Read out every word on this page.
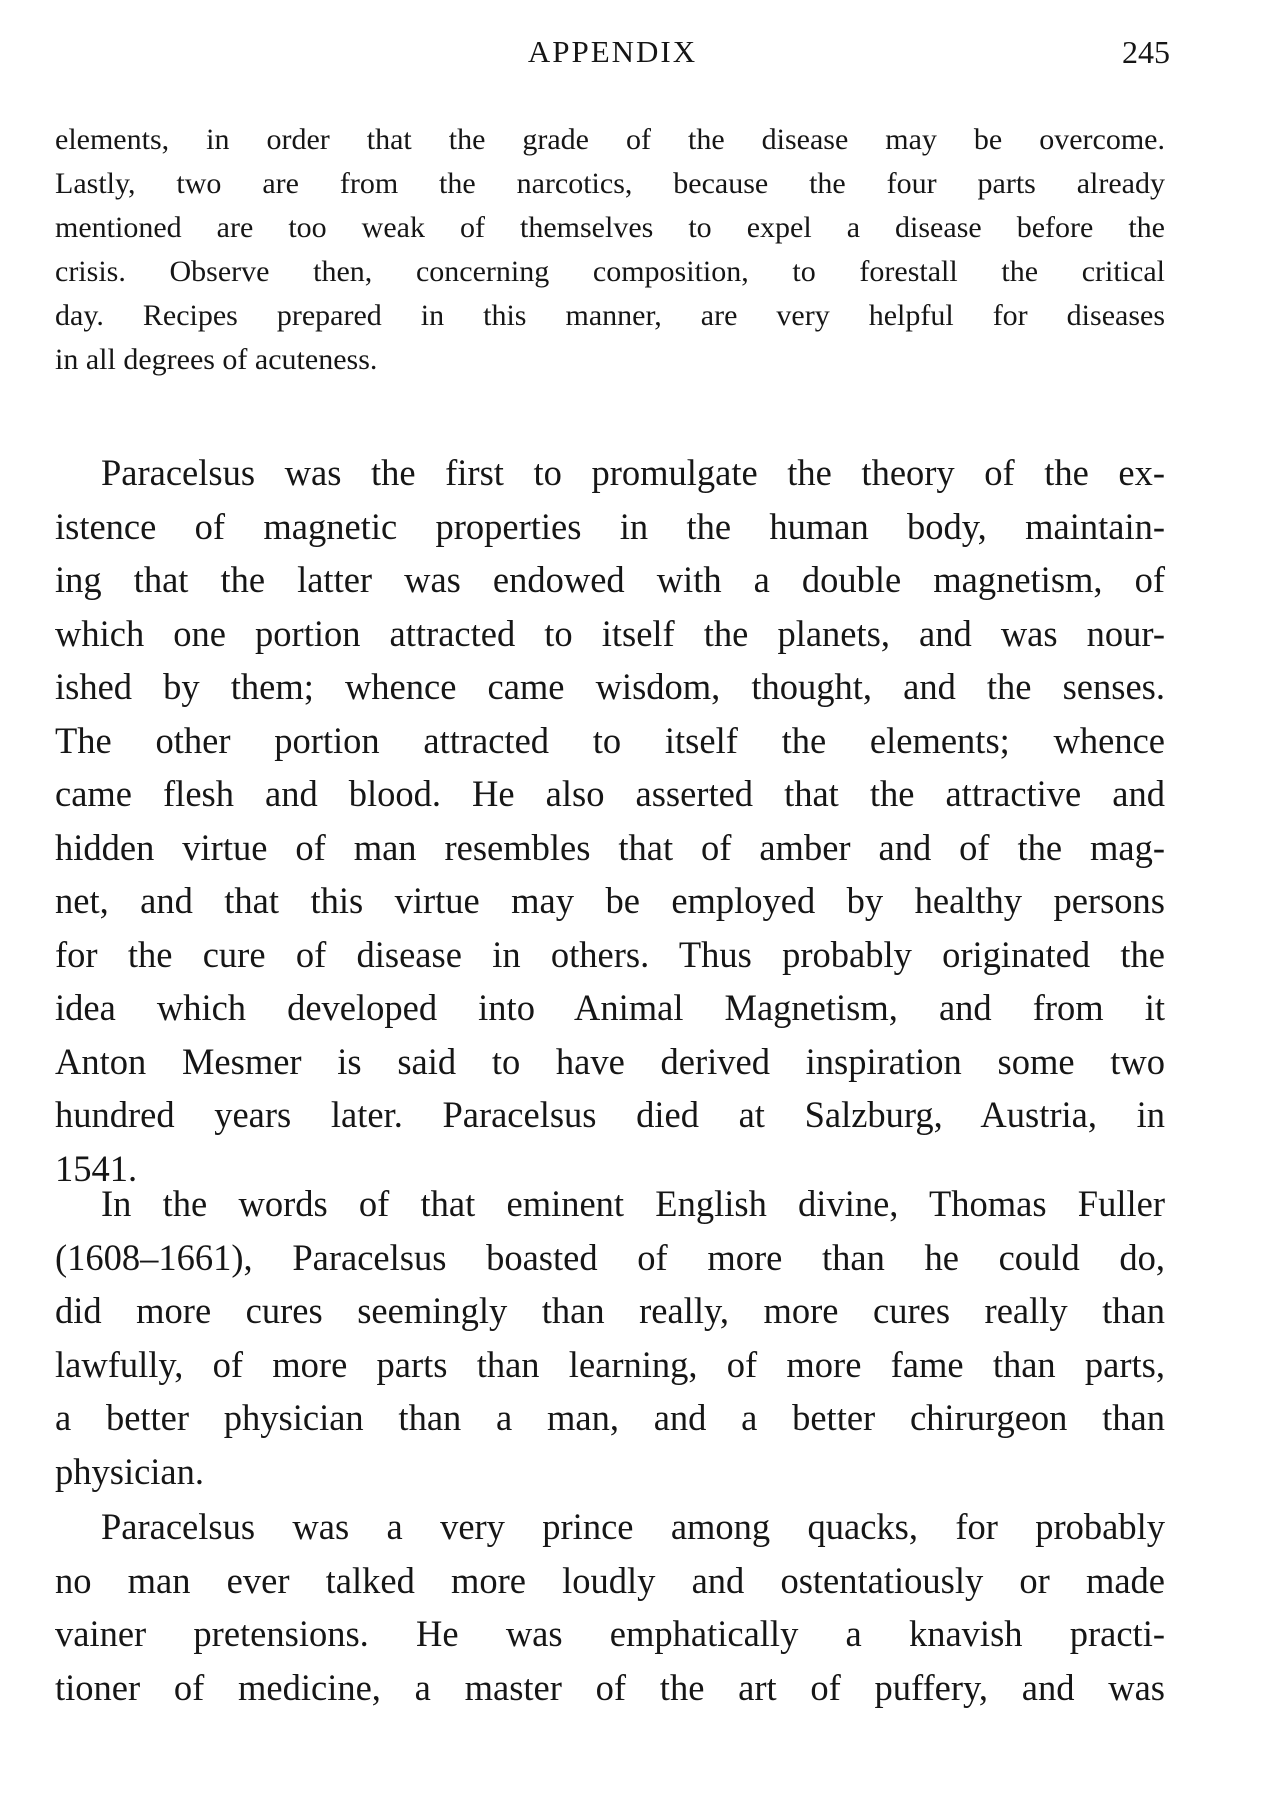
APPENDIX	245
elements, in order that the grade of the disease may be overcome.
Lastly, two are from the narcotics, because the four parts already
mentioned are too weak of themselves to expel a disease before the
crisis. Observe then, concerning composition, to forestall the critical
day. Recipes prepared in this manner, are very helpful for diseases
in all degrees of acuteness.
Paracelsus was the first to promulgate the theory of the ex-
istence of magnetic properties in the human body, maintain-
ing that the latter was endowed with a double magnetism, of
which one portion attracted to itself the planets, and was nour-
ished by them; whence came wisdom, thought, and the senses.
The other portion attracted to itself the elements; whence
came flesh and blood. He also asserted that the attractive and
hidden virtue of man resembles that of amber and of the mag-
net, and that this virtue may be employed by healthy persons
for the cure of disease in others. Thus probably originated the
idea which developed into Animal Magnetism, and from it
Anton Mesmer is said to have derived inspiration some two
hundred years later. Paracelsus died at Salzburg, Austria, in
1541.
In the words of that eminent English divine, Thomas Fuller
(1608–1661), Paracelsus boasted of more than he could do,
did more cures seemingly than really, more cures really than
lawfully, of more parts than learning, of more fame than parts,
a better physician than a man, and a better chirurgeon than
physician.
Paracelsus was a very prince among quacks, for probably
no man ever talked more loudly and ostentatiously or made
vainer pretensions. He was emphatically a knavish practi-
tioner of medicine, a master of the art of puffery, and was
